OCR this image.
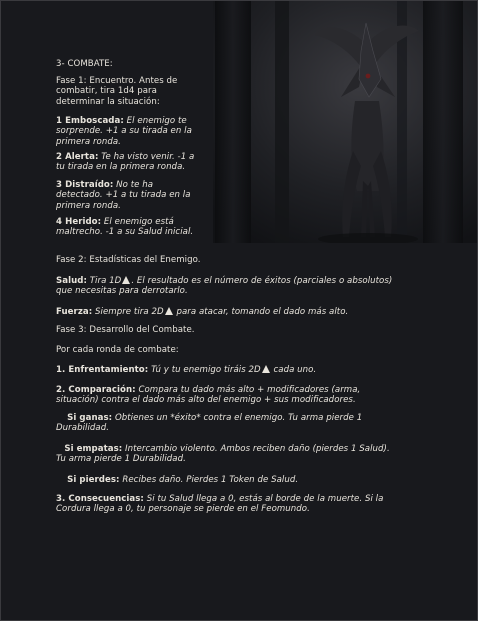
3- COMBATE:
Fase 1: Encuentro. Antes de
combatir, tira 1d4 para
determinar la situación:
1 Emboscada: El enemigo te
sorprende. +1 a su tirada en la
primera ronda.
2 Alerta: Te ha visto venir. -1 a
tu tirada en la primera ronda.
3 Distraído: No te ha
detectado. +1 a tu tirada en la
primera ronda.
4 Herido: El enemigo está
maltrecho. -1 a su Salud inicial.
Fase 2: Estadísticas del Enemigo.
Salud: Tira 1D . El resultado es el número de éxitos (parciales o absolutos)
que necesitas para derrotarlo.
Fuerza: Siempre tira 2D para atacar, tomando el dado más alto.
Fase 3: Desarrollo del Combate.
Por cada ronda de combate:
1. Enfrentamiento: Tú y tu enemigo tiráis 2D cada uno.
2. Comparación: Compara tu dado más alto + modificadores (arma,
situación) contra el dado más alto del enemigo + sus modificadores.
Si ganas: Obtienes un *éxito* contra el enemigo. Tu arma pierde 1
Durabilidad.
Si empatas: Intercambio violento. Ambos reciben daño (pierdes 1 Salud).
Tu arma pierde 1 Durabilidad.
Si pierdes: Recibes daño. Pierdes 1 Token de Salud.
3. Consecuencias: Si tu Salud llega a 0, estás al borde de la muerte. Si la
Cordura llega a 0, tu personaje se pierde en el Feomundo.
